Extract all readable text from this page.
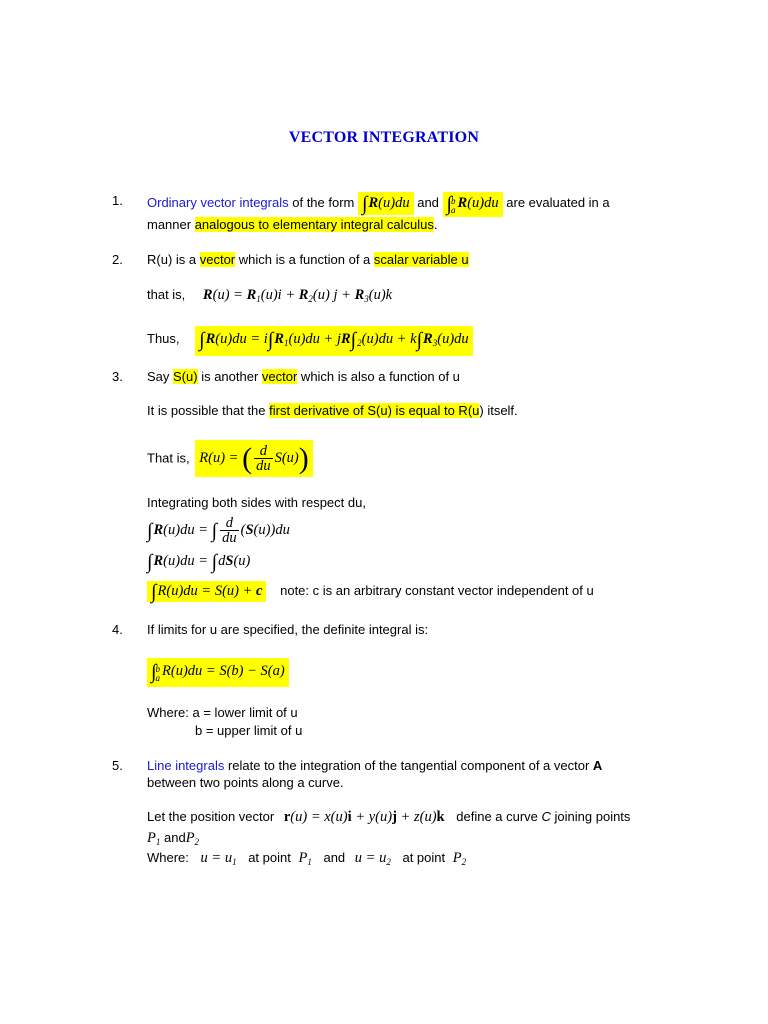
VECTOR INTEGRATION
1. Ordinary vector integrals of the form ∫R(u)du and ∫ b
a R(u)du are evaluated in a
manner analogous to elementary integral calculus.
2. R(u) is a vector which is a function of a scalar variable u
that is, $R(u) = R_1(u)i + R_2(u) j + R_3(u)k$
Thus, $\int R(u)du = i\int R_1(u)du + jR\int_2(u)du + k\int R_3(u)du$
3. Say S(u) is another vector which is also a function of u
It is possible that the first derivative of S(u) is equal to R(u) itself.
That is, R(u) = ( $\frac{d}{du} S(u)$)
Integrating both sides with respect du,
∫R(u)du = ∫ $\frac{d}{du} (S(u))du$
∫R(u)du = ∫dS(u)
∫R(u)du = S(u) + c note: c is an arbitrary constant vector independent of u
4. If limits for u are specified, the definite integral is:
∫ b
a R(u)du = S(b) − S(a)
Where: a = lower limit of u
b = upper limit of u
5. Line integrals relate to the integration of the tangential component of a vector A
between two points along a curve.
Let the position vector r(u) = x(u)i + y(u)j + z(u)k define a curve C joining points
$P_1$ andP$_2$
Where: $u = u_1$ at point $P_1$ and $u = u_2$ at point $P_2$
